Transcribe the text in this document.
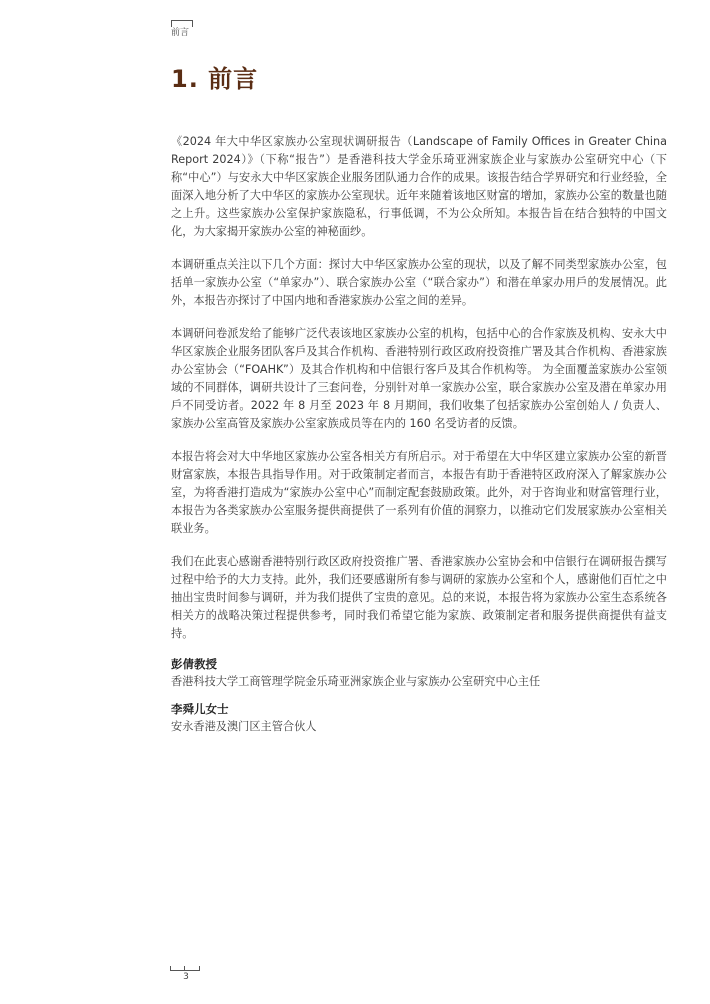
前言
1. 前言

《2024 年大中华区家族办公室现状调研报告（Landscape of Family Offices in Greater China Report 2024）》（下称“报告”）是香港科技大学金乐琦亚洲家族企业与家族办公室研究中心（下称“中心”）与安永大中华区家族企业服务团队通力合作的成果。该报告结合学界研究和行业经验，全面深入地分析了大中华区的家族办公室现状。近年来随着该地区财富的增加，家族办公室的数量也随之上升。这些家族办公室保护家族隐私，行事低调，不为公众所知。本报告旨在结合独特的中国文化，为大家揭开家族办公室的神秘面纱。

本调研重点关注以下几个方面：探讨大中华区家族办公室的现状，以及了解不同类型家族办公室，包括单一家族办公室（“单家办”）、联合家族办公室（“联合家办”）和潜在单家办用戶的发展情况。此外，本报告亦探讨了中国内地和香港家族办公室之间的差异。

本调研问卷派发给了能够广泛代表该地区家族办公室的机构，包括中心的合作家族及机构、安永大中华区家族企业服务团队客戶及其合作机构、香港特别行政区政府投资推广署及其合作机构、香港家族办公室协会（“FOAHK”）及其合作机构和中信银行客戶及其合作机构等。 为全面覆盖家族办公室领域的不同群体，调研共设计了三套问卷，分别针对单一家族办公室，联合家族办公室及潜在单家办用戶不同受访者。2022 年 8 月至 2023 年 8 月期间，我们收集了包括家族办公室创始人 / 负责人、家族办公室高管及家族办公室家族成员等在内的 160 名受访者的反馈。

本报告将会对大中华地区家族办公室各相关方有所启示。对于希望在大中华区建立家族办公室的新晋财富家族，本报告具指导作用。对于政策制定者而言，本报告有助于香港特区政府深入了解家族办公室，为将香港打造成为“家族办公室中心”而制定配套鼓励政策。此外，对于咨询业和财富管理行业，本报告为各类家族办公室服务提供商提供了一系列有价值的洞察力，以推动它们发展家族办公室相关联业务。

我们在此衷心感谢香港特别行政区政府投资推广署、香港家族办公室协会和中信银行在调研报告撰写过程中给予的大力支持。此外，我们还要感谢所有参与调研的家族办公室和个人，感谢他们百忙之中抽出宝贵时间参与调研，并为我们提供了宝贵的意见。总的来说，本报告将为家族办公室生态系统各相关方的战略决策过程提供参考，同时我们希望它能为家族、政策制定者和服务提供商提供有益支持。

彭倩教授
香港科技大学工商管理学院金乐琦亚洲家族企业与家族办公室研究中心主任
李舜儿女士
安永香港及澳门区主管合伙人
3
